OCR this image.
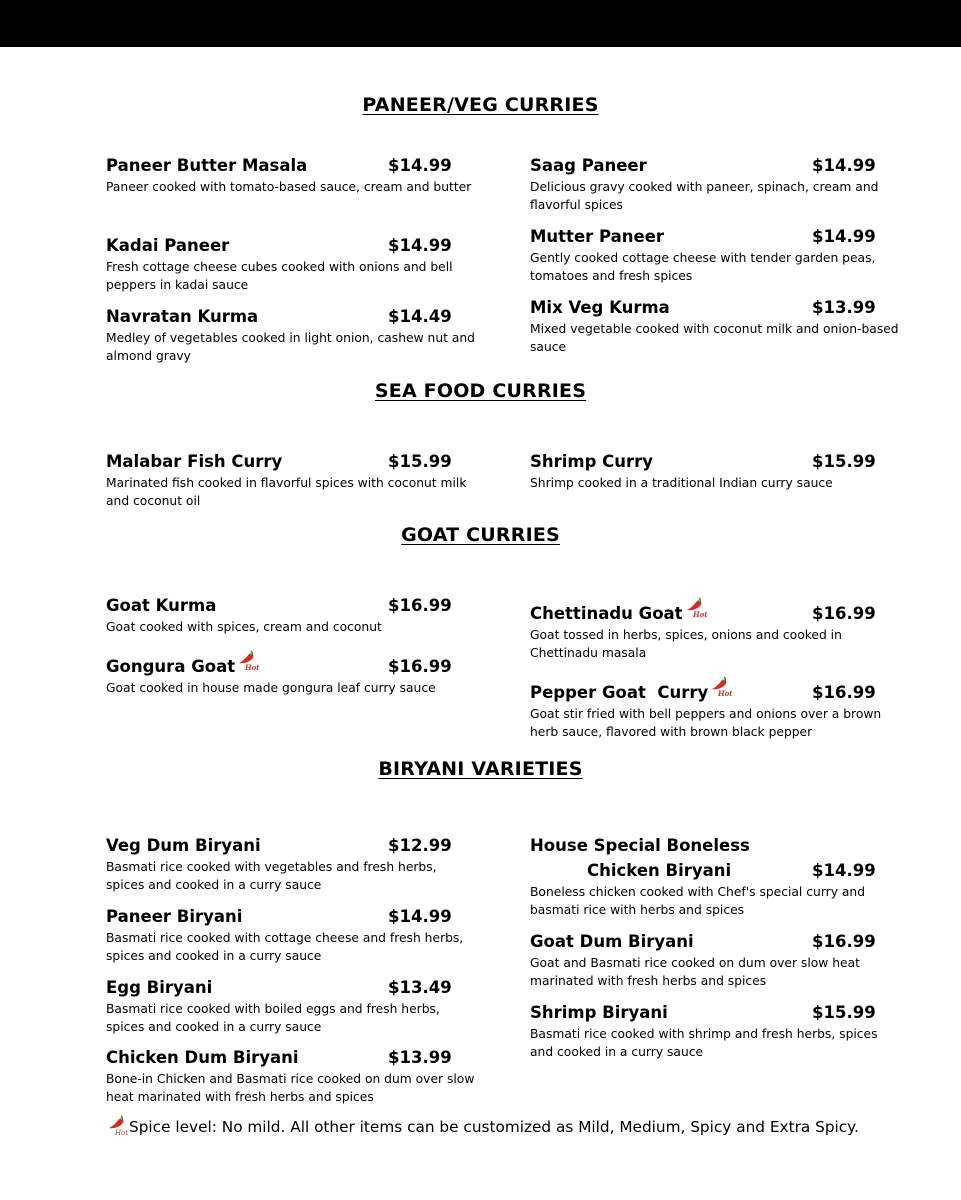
PANEER/VEG CURRIES
Paneer Butter Masala	$14.99
Paneer cooked with tomato-based sauce, cream and butter
Kadai Paneer	$14.99
Fresh cottage cheese cubes cooked with onions and bell peppers in kadai sauce
Navratan Kurma	$14.49
Medley of vegetables cooked in light onion, cashew nut and almond gravy
Saag Paneer	$14.99
Delicious gravy cooked with paneer, spinach, cream and flavorful spices
Mutter Paneer	$14.99
Gently cooked cottage cheese with tender garden peas, tomatoes and fresh spices
Mix Veg Kurma	$13.99
Mixed vegetable cooked with coconut milk and onion-based sauce
SEA FOOD CURRIES
Malabar Fish Curry	$15.99
Marinated fish cooked in flavorful spices with coconut milk and coconut oil
Shrimp Curry	$15.99
Shrimp cooked in a traditional Indian curry sauce
GOAT CURRIES
Goat Kurma	$16.99
Goat cooked with spices, cream and coconut
Gongura Goat Hot	$16.99
Goat cooked in house made gongura leaf curry sauce
Chettinadu Goat Hot	$16.99
Goat tossed in herbs, spices, onions and cooked in Chettinadu masala
Pepper Goat  Curry Hot	$16.99
Goat stir fried with bell peppers and onions over a brown herb sauce, flavored with brown black pepper
BIRYANI VARIETIES
Veg Dum Biryani	$12.99
Basmati rice cooked with vegetables and fresh herbs, spices and cooked in a curry sauce
Paneer Biryani	$14.99
Basmati rice cooked with cottage cheese and fresh herbs, spices and cooked in a curry sauce
Egg Biryani	$13.49
Basmati rice cooked with boiled eggs and fresh herbs, spices and cooked in a curry sauce
Chicken Dum Biryani	$13.99
Bone-in Chicken and Basmati rice cooked on dum over slow heat marinated with fresh herbs and spices
House Special Boneless
Chicken Biryani	$14.99
Boneless chicken cooked with Chef's special curry and basmati rice with herbs and spices
Goat Dum Biryani	$16.99
Goat and Basmati rice cooked on dum over slow heat marinated with fresh herbs and spices
Shrimp Biryani	$15.99
Basmati rice cooked with shrimp and fresh herbs, spices and cooked in a curry sauce
Hot Spice level: No mild. All other items can be customized as Mild, Medium, Spicy and Extra Spicy.
